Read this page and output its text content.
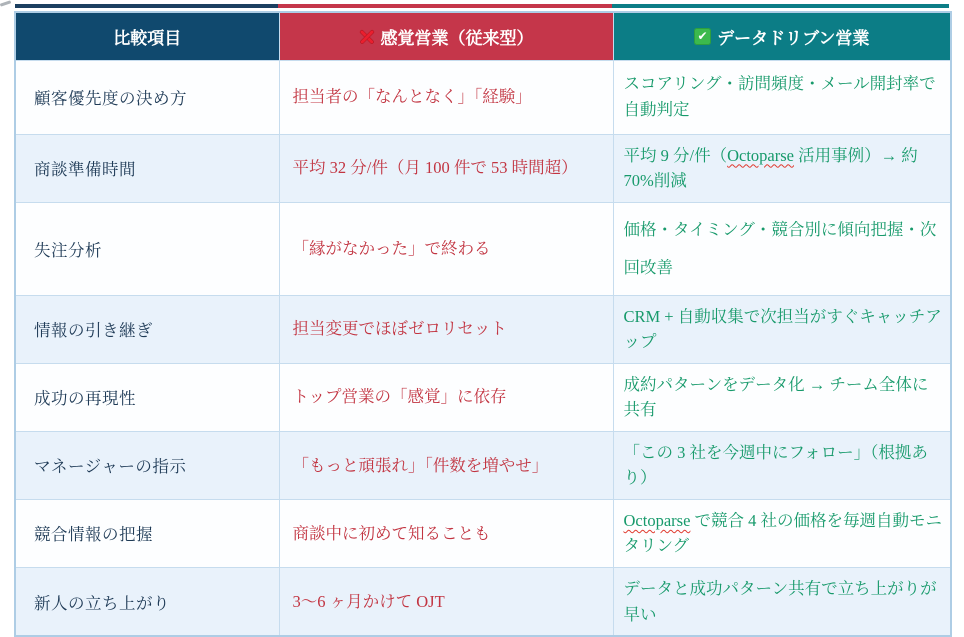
比較項目	感覚営業（従来型）	✔ データドリブン営業

顧客優先度の決め方	担当者の「なんとなく」「経験」	スコアリング・訪問頻度・メール開封率で自動判定
商談準備時間	平均 32 分/件（月 100 件で 53 時間超）	平均 9 分/件（Octoparse 活用事例）→ 約 70%削減
失注分析	「縁がなかった」で終わる	価格・タイミング・競合別に傾向把握・次回改善
情報の引き継ぎ	担当変更でほぼゼロリセット	CRM + 自動収集で次担当がすぐキャッチアップ
成功の再現性	トップ営業の「感覚」に依存	成約パターンをデータ化 → チーム全体に共有
マネージャーの指示	「もっと頑張れ」「件数を増やせ」	「この 3 社を今週中にフォロー」（根拠あり）
競合情報の把握	商談中に初めて知ることも	Octoparse で競合 4 社の価格を毎週自動モニタリング
新人の立ち上がり	3〜6 ヶ月かけて OJT	データと成功パターン共有で立ち上がりが早い
